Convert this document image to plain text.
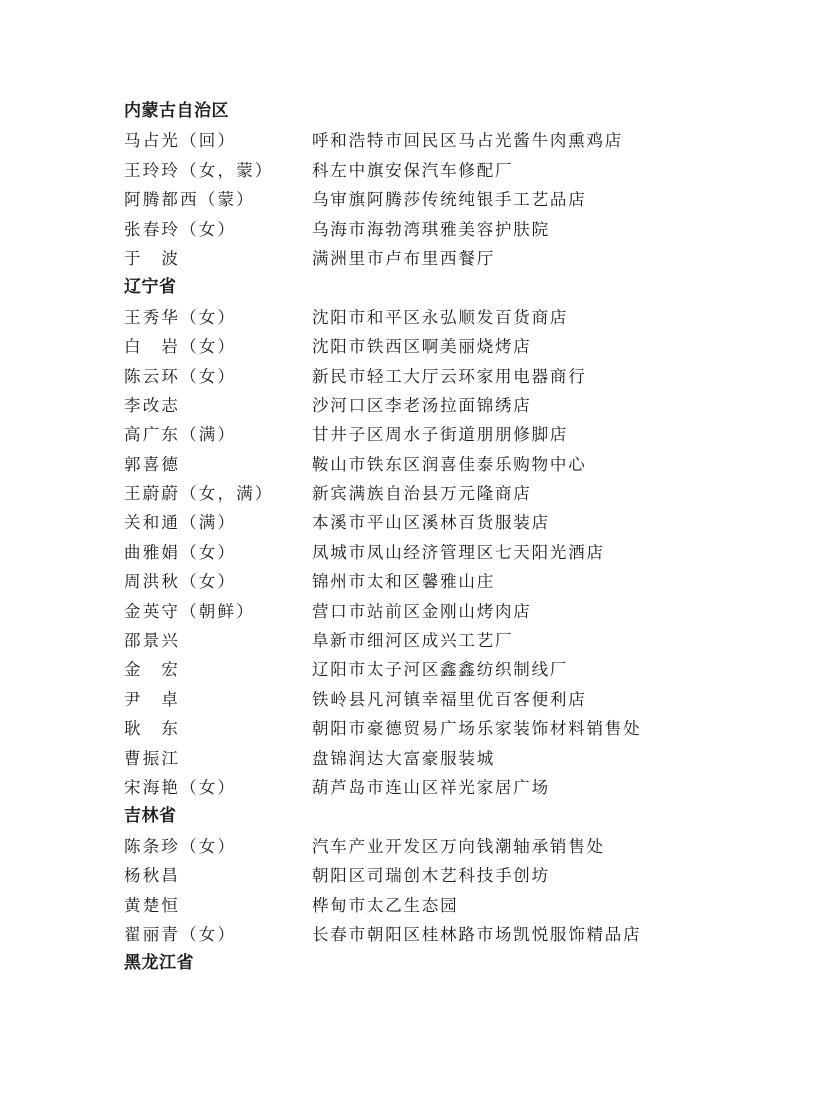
内蒙古自治区
马占光（回）	呼和浩特市回民区马占光酱牛肉熏鸡店
王玲玲（女，蒙）	科左中旗安保汽车修配厂
阿腾都西（蒙）	乌审旗阿腾莎传统纯银手工艺品店
张春玲（女）	乌海市海勃湾琪雅美容护肤院
于　波	满洲里市卢布里西餐厅
辽宁省
王秀华（女）	沈阳市和平区永弘顺发百货商店
白　岩（女）	沈阳市铁西区啊美丽烧烤店
陈云环（女）	新民市轻工大厅云环家用电器商行
李改志	沙河口区李老汤拉面锦绣店
高广东（满）	甘井子区周水子街道朋朋修脚店
郭喜德	鞍山市铁东区润喜佳泰乐购物中心
王蔚蔚（女，满）	新宾满族自治县万元隆商店
关和通（满）	本溪市平山区溪林百货服装店
曲雅娟（女）	凤城市凤山经济管理区七天阳光酒店
周洪秋（女）	锦州市太和区馨雅山庄
金英守（朝鲜）	营口市站前区金刚山烤肉店
邵景兴	阜新市细河区成兴工艺厂
金　宏	辽阳市太子河区鑫鑫纺织制线厂
尹　卓	铁岭县凡河镇幸福里优百客便利店
耿　东	朝阳市豪德贸易广场乐家装饰材料销售处
曹振江	盘锦润达大富豪服装城
宋海艳（女）	葫芦岛市连山区祥光家居广场
吉林省
陈条珍（女）	汽车产业开发区万向钱潮轴承销售处
杨秋昌	朝阳区司瑞创木艺科技手创坊
黄楚恒	桦甸市太乙生态园
翟丽青（女）	长春市朝阳区桂林路市场凯悦服饰精品店
黑龙江省
